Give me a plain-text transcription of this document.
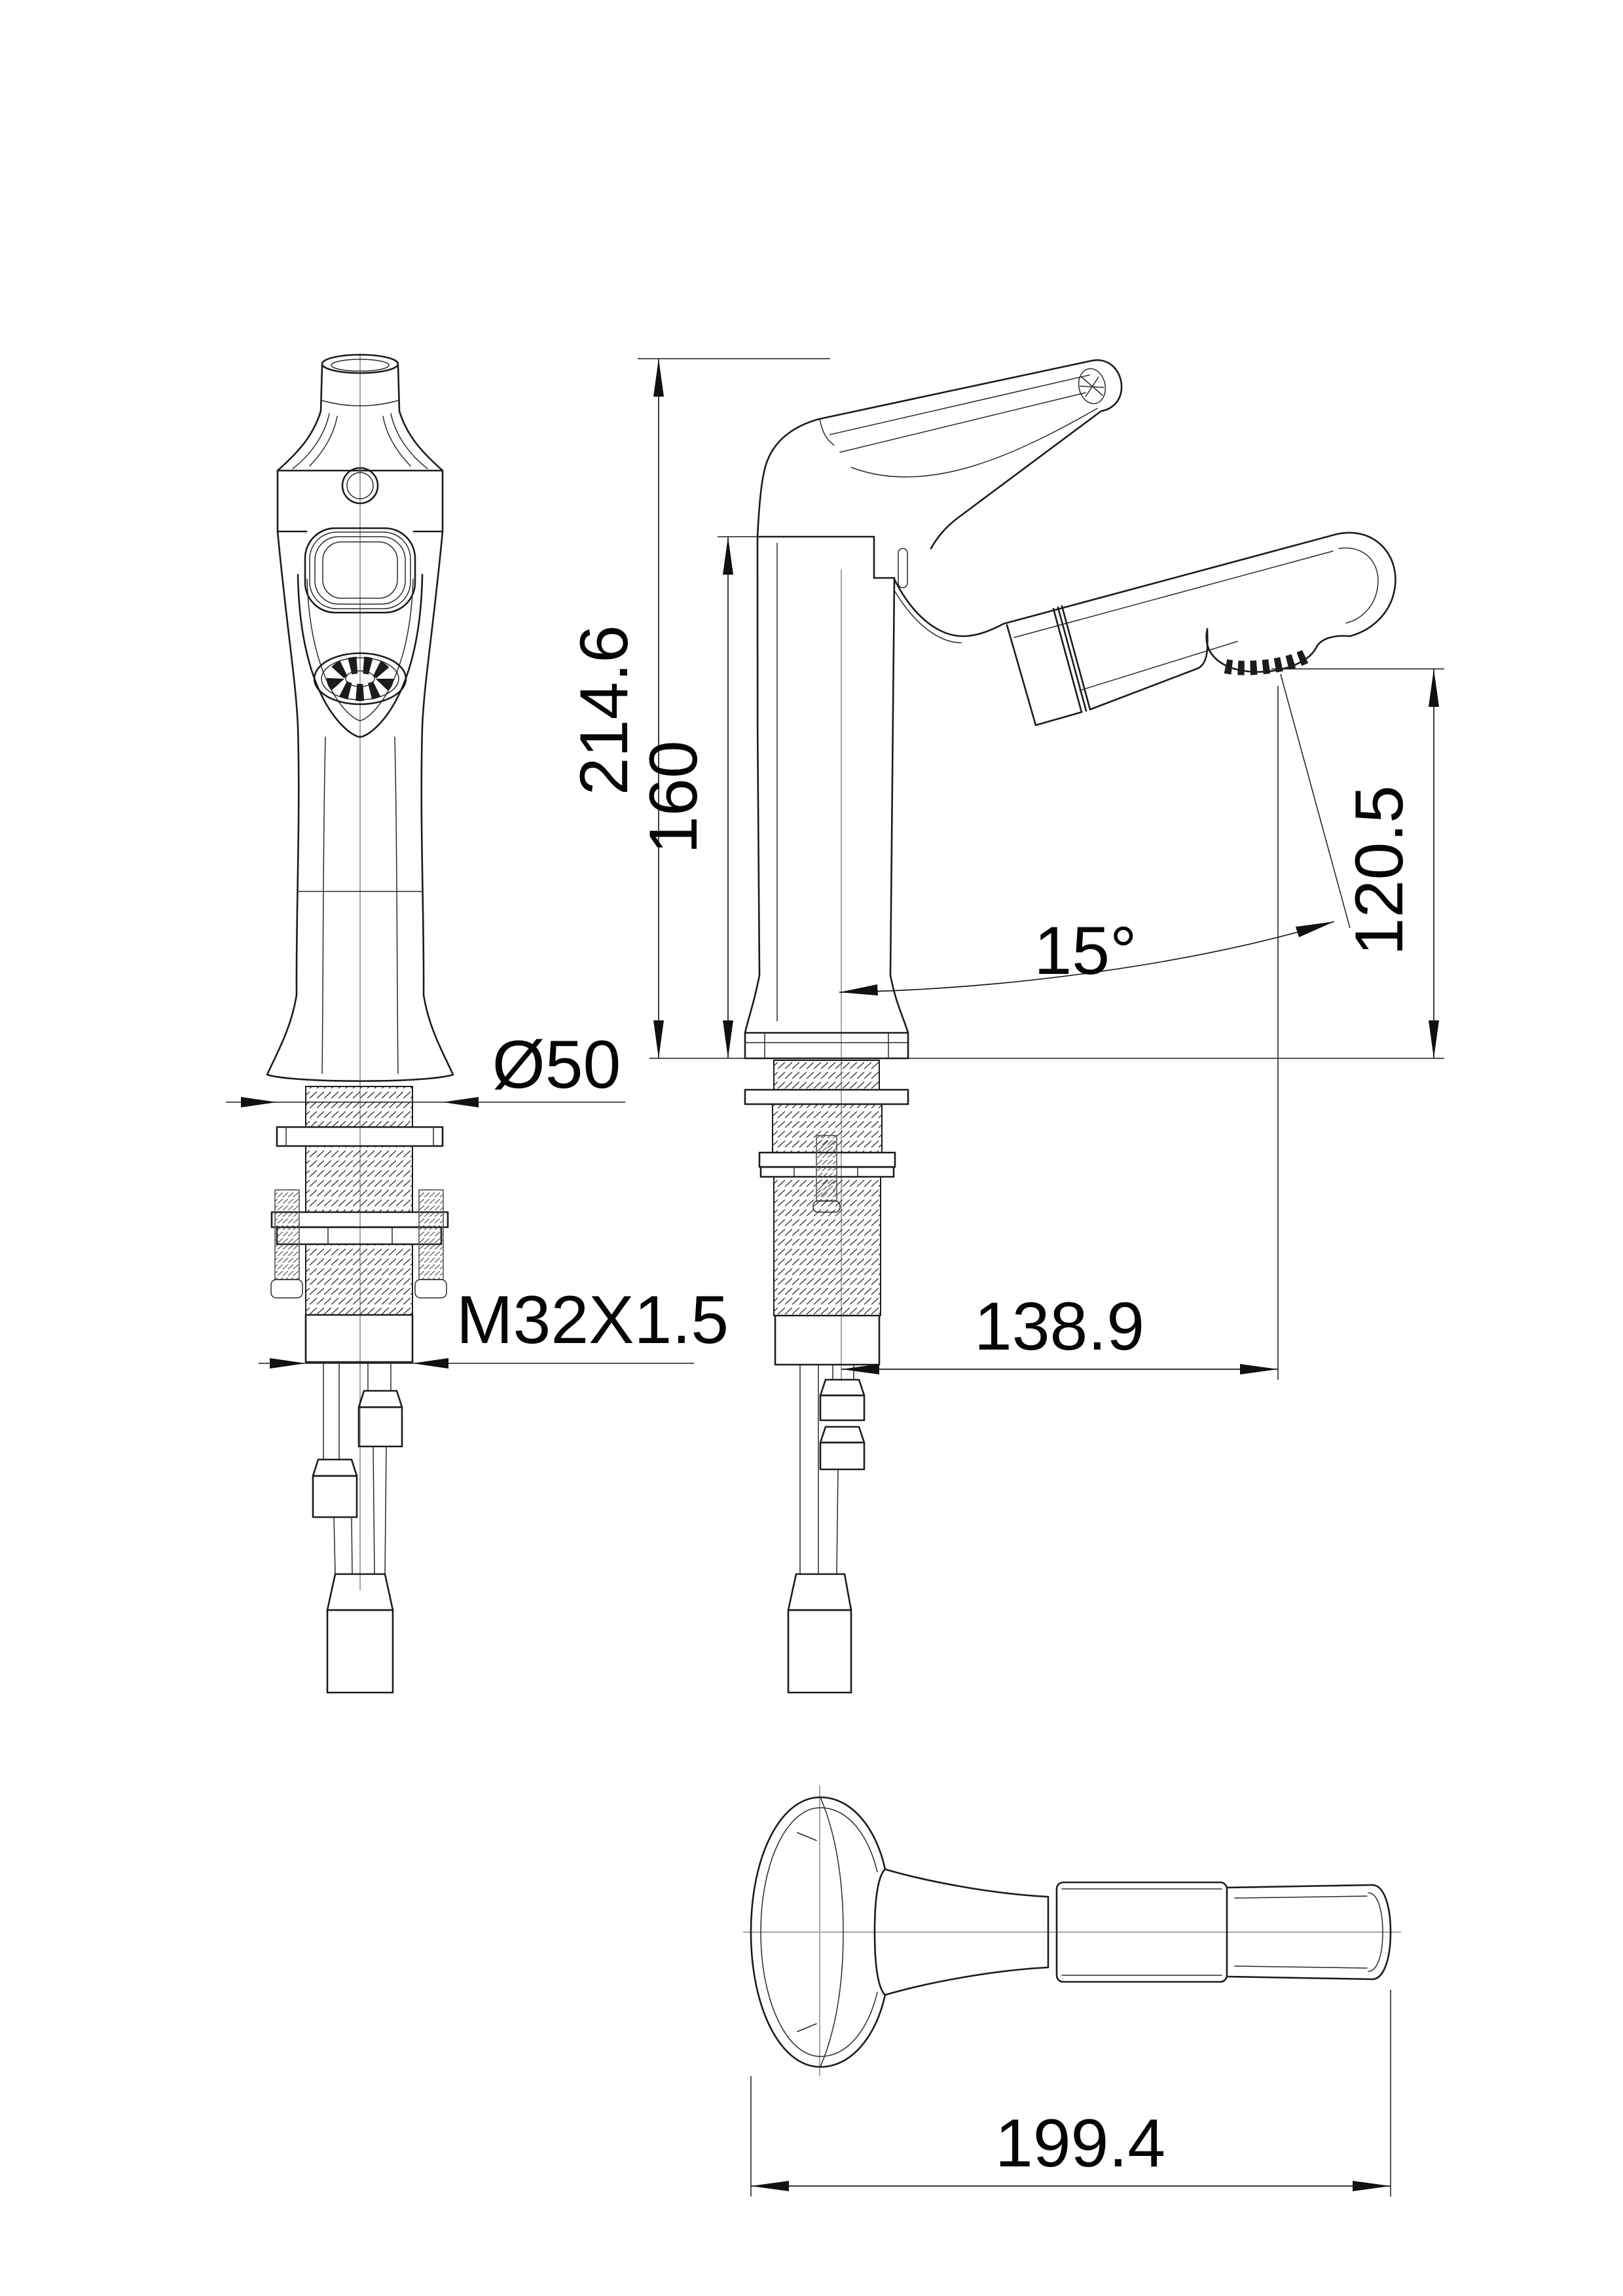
214.6
160	120.5
15°
Ø50
M32X1.5	138.9
199.4
